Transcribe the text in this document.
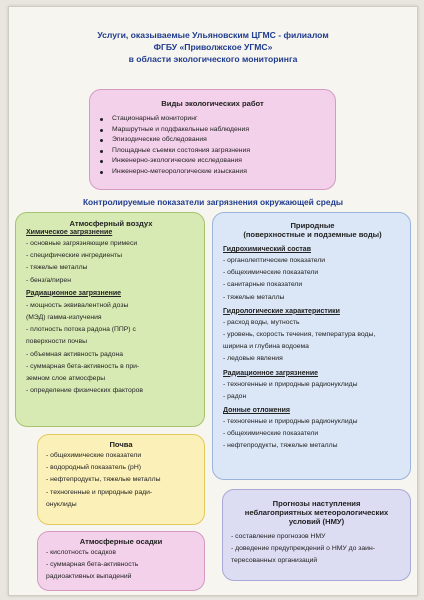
Услуги, оказываемые Ульяновским ЦГМС - филиалом
ФГБУ «Приволжское УГМС»
в области экологического мониторинга
Виды экологических работ
Стационарный мониторинг
Маршрутные и подфакельные наблюдения
Эпизодические обследования
Площадные съемки состояния загрязнения
Инженерно-экологические исследования
Инженерно-метеорологические изыскания
Контролируемые показатели загрязнения окружающей среды
Атмосферный воздух
Химическое загрязнение
- основные загрязняющие примеси
- специфические ингредиенты
- тяжелые металлы
- бенз/а/пирен
Радиационное загрязнение
- мощность эквивалентной дозы
(МЭД) гамма-излучения
- плотность потока радона (ППР) с
поверхности почвы
- объемная активность радона
- суммарная бета-активность в при-
земном слое атмосферы
- определение физических факторов
Природные
(поверхностные и подземные воды)
Гидрохимический состав
- органолептические показатели
- общехимические показатели
- санитарные показатели
- тяжелые металлы
Гидрологические характеристики
- расход воды, мутность
- уровень, скорость течения, температура воды,
ширина и глубина водоема
- ледовые явления
Радиационное загрязнение
- техногенные и природные радионуклиды
- радон
Донные отложения
- техногенные и природные радионуклиды
- общехимические показатели
- нефтепродукты, тяжелые металлы
Почва
- общехимические показатели
- водородный показатель (pH)
- нефтепродукты, тяжелые металлы
- техногенные и природные ради-
онуклиды
Атмосферные осадки
- кислотность осадков
- суммарная бета-активность
радиоактивных выпадений
Прогнозы наступления
неблагоприятных метеорологических
условий (НМУ)
- составление прогнозов НМУ
- доведение предупреждений о НМУ до заин-
тересованных организаций
